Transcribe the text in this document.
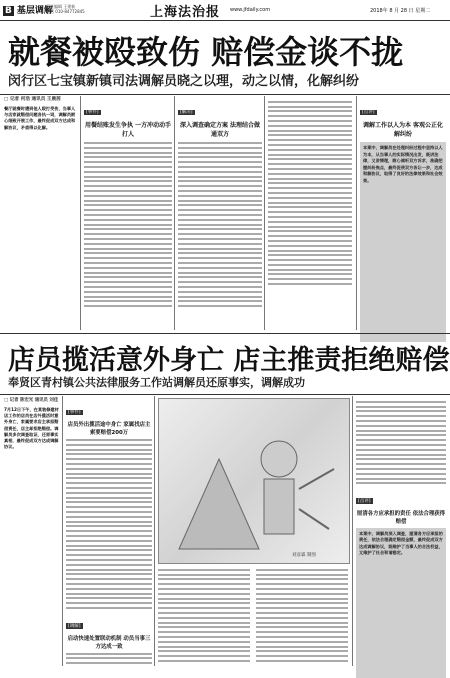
B 基层调解
责任编辑 王建新
电话 010-84772845	上海法治报 www.jfdaily.com	2018年 8 月 28 日 星期二
就餐被殴致伤 赔偿金谈不拢
闵行区七宝镇新镇司法调解员晓之以理，动之以情，化解纠纷
□ 记者 何浩 通讯员 王晨茜
餐厅就餐时遭到他人殴打受伤，当事人与店家就赔偿问题各执一词，调解员耐心细致开展工作，最终促成双方达成和解协议，矛盾得以化解。
[事件]
用餐结账发生争执 一方冲动动手打人
[解决]
深入调查确定方案 法理结合做通双方
[点评]
调解工作以人为本 客观公正化解纠纷
本案中，调解员在处理纠纷过程中坚持以人为本，从当事人的实际情况出发，既讲法律，又讲情理，耐心倾听双方诉求，准确把握纠纷焦点，最终促使双方各让一步，达成和解协议，取得了良好的法律效果和社会效果。
店员揽活意外身亡 店主推责拒绝赔偿
奉贤区青村镇公共法律服务工作站调解员还原事实，调解成功
□ 记者 陈宏光 通讯员 刘佳
7月12日下午，在某装修建材店工作的店员在店外揽活时意外身亡，家属要求店主承担赔偿责任，店主却拒绝赔偿。调解员多次调查取证，还原事实真相，最终促成双方达成调解协议。
[事件]
店员外出揽活途中身亡 家属找店主索要赔偿200万
[调解]
启动快速处置联动机制 动员当事三方达成一致
刘彦霖 制图
[点评]
厘清各方应承担的责任 依法合理获得赔偿
本案中，调解员深入调查，厘清各方应承担的责任，依法合理确定赔偿金额，最终促成双方达成调解协议，既维护了当事人的合法权益，又维护了社会和谐稳定。
